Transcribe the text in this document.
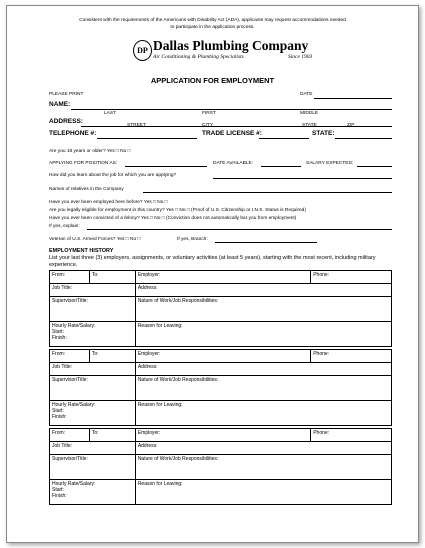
Consistent with the requirements of the Americans with Disability Act (ADA), applicants may request accommodations needed
to participate in the application process.
DP Dallas Plumbing Company
Air Conditioning & Plumbing Specialists	Since 1903
APPLICATION FOR EMPLOYMENT
PLEASE PRINT	DATE
NAME:
LAST	FIRST	MIDDLE
ADDRESS:
STREET	CITY	STATE	ZIP
TELEPHONE #:	TRADE LICENSE #:	STATE:
Are you 18 years or older? Yes □ No □
APPLYING FOR POSITION AS:	DATE AVAILABLE:	SALARY EXPECTED:
How did you learn about the job for which you are applying?
Names of relatives in the Company
Have you ever been employed here before? Yes □ No □
Are you legally eligible for employment in this country? Yes □ No □ (Proof of U.S. Citizenship or I.N.S. Status is Required)
Have you ever been convicted of a felony? Yes □ No □ (Conviction does not automatically bar you from employment)
If yes, explain:
Veteran of U.S. Armed Forces? Yes □ No □	If yes, Branch:
EMPLOYMENT HISTORY
List your last three (3) employers, assignments, or voluntary activities (at least 5 years), starting with the most recent, including military experience.
From:	To:	Employer:	Phone:
Job Title:		Address:	
Supervisor/Title:		Nature of Work/Job Responsibilities:	

Hourly Rate/Salary:
Start:
Finish:		Reason for Leaving:	
From:	To:	Employer:	Phone:
Job Title:		Address:	
Supervisor/Title:		Nature of Work/Job Responsibilities:	

Hourly Rate/Salary:
Start:
Finish:		Reason for Leaving:	
From:	To:	Employer:	Phone:
Job Title:		Address:	
Supervisor/Title:		Nature of Work/Job Responsibilities:	

Hourly Rate/Salary:
Start:
Finish:		Reason for Leaving:	
